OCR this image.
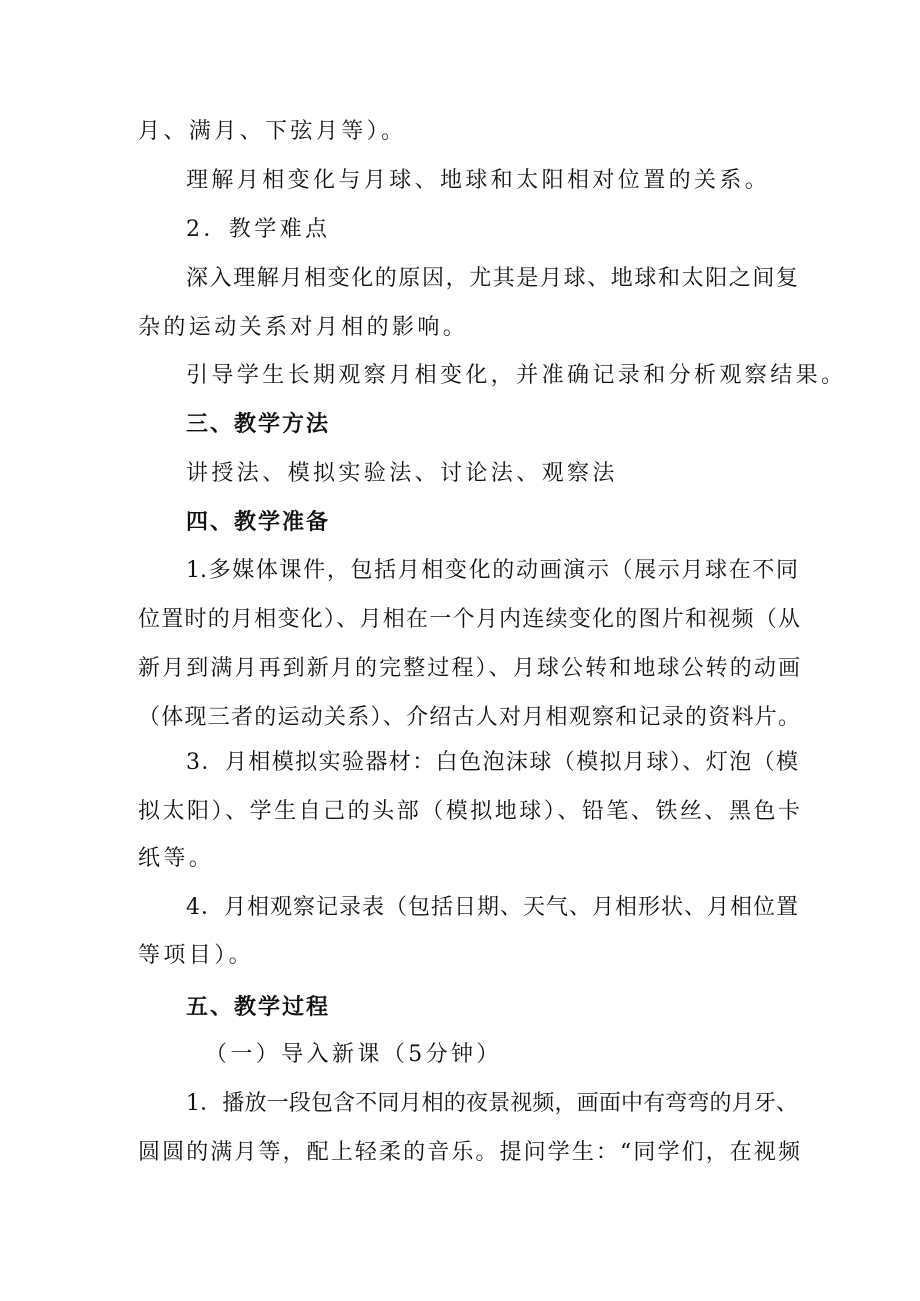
月、满月、下弦月等）。
理解月相变化与月球、地球和太阳相对位置的关系。
2．教学难点
深入理解月相变化的原因，尤其是月球、地球和太阳之间复
杂的运动关系对月相的影响。
引导学生长期观察月相变化，并准确记录和分析观察结果。
三、教学方法
讲授法、模拟实验法、讨论法、观察法
四、教学准备
1.多媒体课件，包括月相变化的动画演示（展示月球在不同
位置时的月相变化）、月相在一个月内连续变化的图片和视频（从
新月到满月再到新月的完整过程）、月球公转和地球公转的动画
（体现三者的运动关系）、介绍古人对月相观察和记录的资料片。
3．月相模拟实验器材：白色泡沫球（模拟月球）、灯泡（模
拟太阳）、学生自己的头部（模拟地球）、铅笔、铁丝、黑色卡
纸等。
4．月相观察记录表（包括日期、天气、月相形状、月相位置
等项目）。
五、教学过程
（一）导入新课（5分钟）
1．播放一段包含不同月相的夜景视频，画面中有弯弯的月牙、
圆圆的满月等，配上轻柔的音乐。提问学生：“同学们，在视频
